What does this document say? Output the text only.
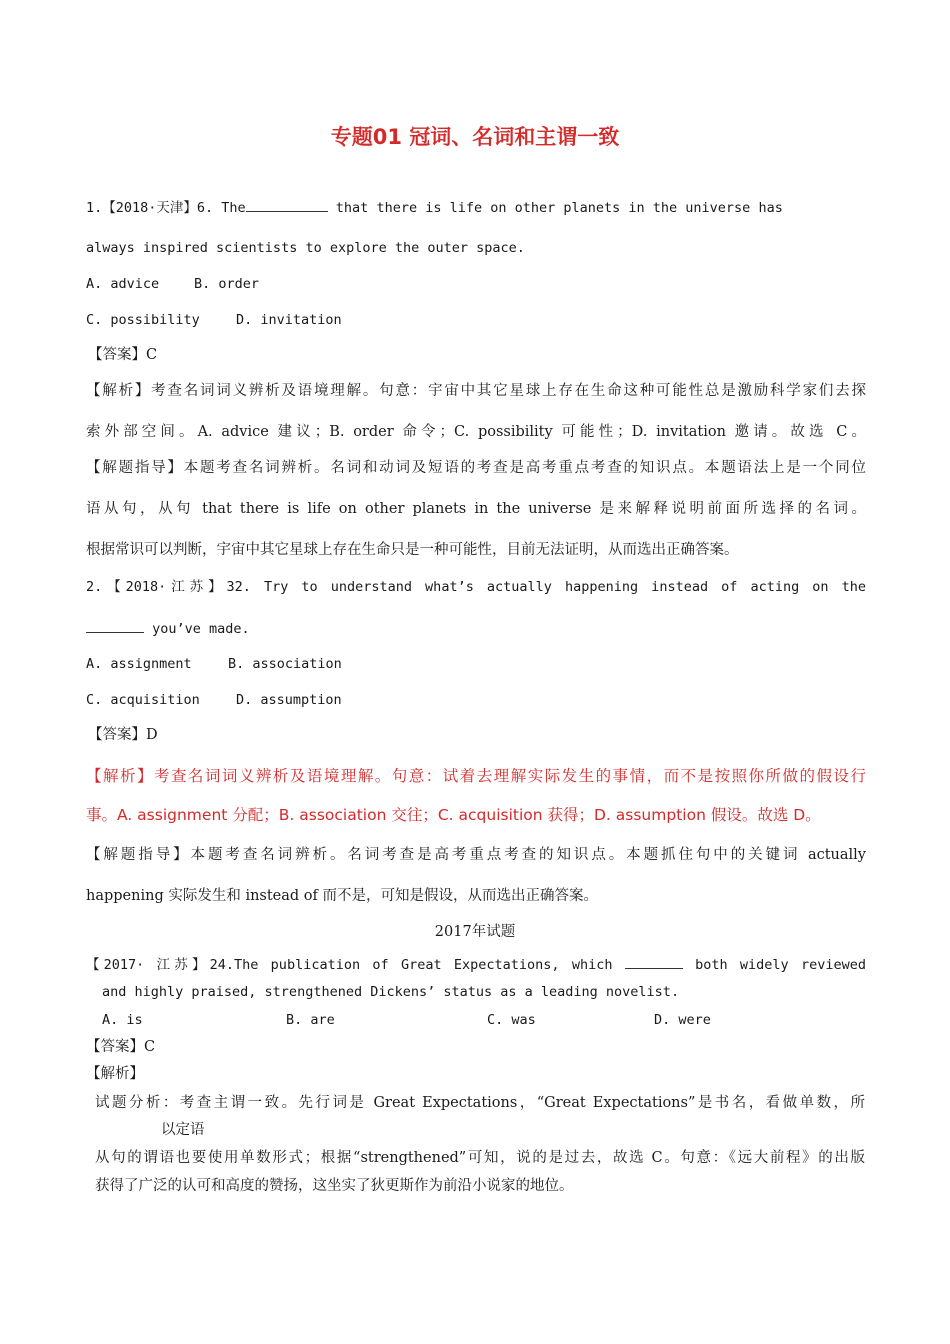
专题01 冠词、名词和主谓一致
1.【2018·天津】6. The	that there is life on other planets in the universe has
always inspired scientists to explore the outer space.
A. advice	B. order
C. possibility	D. invitation
【答案】C
【解析】考查名词词义辨析及语境理解。句意：宇宙中其它星球上存在生命这种可能性总是激励科学家们去探
索外部空间。A. advice 建议；B. order 命令；C. possibility 可能性；D. invitation 邀请。故选 C。
【解题指导】本题考查名词辨析。名词和动词及短语的考查是高考重点考查的知识点。本题语法上是一个同位
语从句，从句 that there is life on other planets in the universe 是来解释说明前面所选择的名词。
根据常识可以判断，宇宙中其它星球上存在生命只是一种可能性，目前无法证明，从而选出正确答案。
2.【2018·江苏】32. Try to understand what’s actually happening instead of acting on the
you’ve made.
A. assignment	B. association
C. acquisition	D. assumption
【答案】D
【解析】考查名词词义辨析及语境理解。句意：试着去理解实际发生的事情，而不是按照你所做的假设行
事。A. assignment 分配；B. association 交往；C. acquisition 获得；D. assumption 假设。故选 D。
【解题指导】本题考查名词辨析。名词考查是高考重点考查的知识点。本题抓住句中的关键词 actually
happening 实际发生和 instead of 而不是，可知是假设，从而选出正确答案。
2017年试题
【2017· 江苏】24.The publication of Great Expectations, which	both widely reviewed
and highly praised, strengthened Dickens’ status as a leading novelist.
A. is	B. are	C. was	D. were
【答案】C
【解析】
试题分析：考查主谓一致。先行词是 Great Expectations，“Great Expectations”是书名，看做单数，所
以定语
从句的谓语也要使用单数形式；根据“strengthened”可知，说的是过去，故选 C。句意：《远大前程》的出版
获得了广泛的认可和高度的赞扬，这坐实了狄更斯作为前沿小说家的地位。
